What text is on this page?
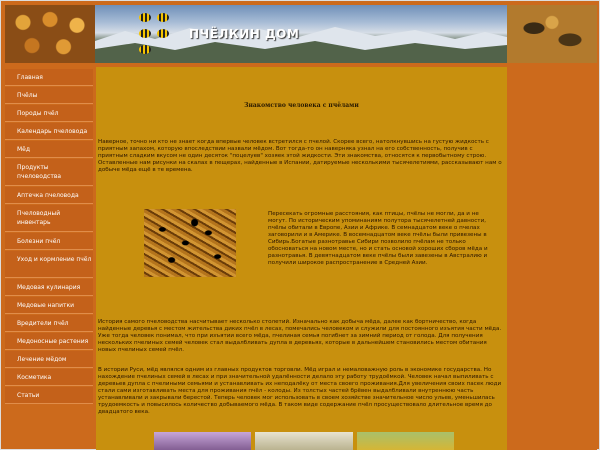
ПЧЁЛКИН ДОМ
Главная
Пчёлы
Породы пчёл
Календарь пчеловода
Мёд
Продукты пчеловодства
Аптечка пчеловода
Пчеловодный инвентарь
Болезни пчёл
Уход и кормление пчёл
Медовая кулинария
Медовые напитки
Вредители пчёл
Медоносные растения
Лечение мёдом
Косметика
Статьи
Знакомство человека с пчёлами

Наверное, точно ни кто не знает когда впервые человек встретился с пчелой. Скорее всего, натолкнувшись на густую жидкость с приятным запахом, которую впоследствии назвали мёдом. Вот тогда-то он наверняка узнал на его собственность, получив с приятным сладким вкусом не один десяток "поцелуев" хозяек этой жидкости. Эти знакомства, относятся к первобытному строю. Оставленные нам рисунки на скалах в пещерах, найденные в Испании, датируемые несколькими тысячелетиями, рассказывают нам о добыче мёда ещё в те времена.

Пересекать огромные расстояния, как птицы, пчёлы не могли, да и не могут. По историческим упоминаниям полутора тысячелетней давности, пчёлы обитали в Европе, Азии и Африке. В семнадцатом веке о пчелах заговорили и в Америке. В восемнадцатом веке пчёлы были привезены в Сибирь.Богатые разнотравье Сибири позволило пчёлам не только обосноваться на новом месте, но и стать основой хороших сборов мёда и разнотравья. В девятнадцатом веке пчёлы были завезены в Австралию и получили широкое распространение в Средней Азии.

История самого пчеловодства насчитывает несколько столетий. Изначально как добыча мёда, далее как бортничество, когда найденные деревья с местом жительства диких пчёл в лесах, помечались человеком и служили для постоянного изъятия части мёда. Уже тогда человек понимал, что при изъятии всего мёда, пчелиная семья погибнет за зимний период от голода. Для получения нескольких пчелиных семей человек стал выдалбливать дупла в деревьях, которые в дальнейшем становились местом обитания новых пчелиных семей пчёл.

В истории Руси, мёд являлся одним из главных продуктов торговли. Мёд играл и немаловажную роль в экономике государства. Но нахождение пчелиных семей в лесах и при значительной удалённости делало эту работу трудоёмкой. Человек начал выпиливать с деревьев дупла с пчелиными семьями и устанавливать их неподалёку от места своего проживания.Для увеличения своих пасек люди стали сами изготавливать места для проживания пчёл - колоды. Из толстых частей брёвен выдалбливали внутреннюю часть устанавливали и закрывали берестой. Теперь человек мог использовать в своем хозяйстве значительное число ульев, уменьшилась трудоемкость и повысилось количество добываемого мёда. В таком виде содержание пчёл просуществовало длительное время до двадцатого века.
